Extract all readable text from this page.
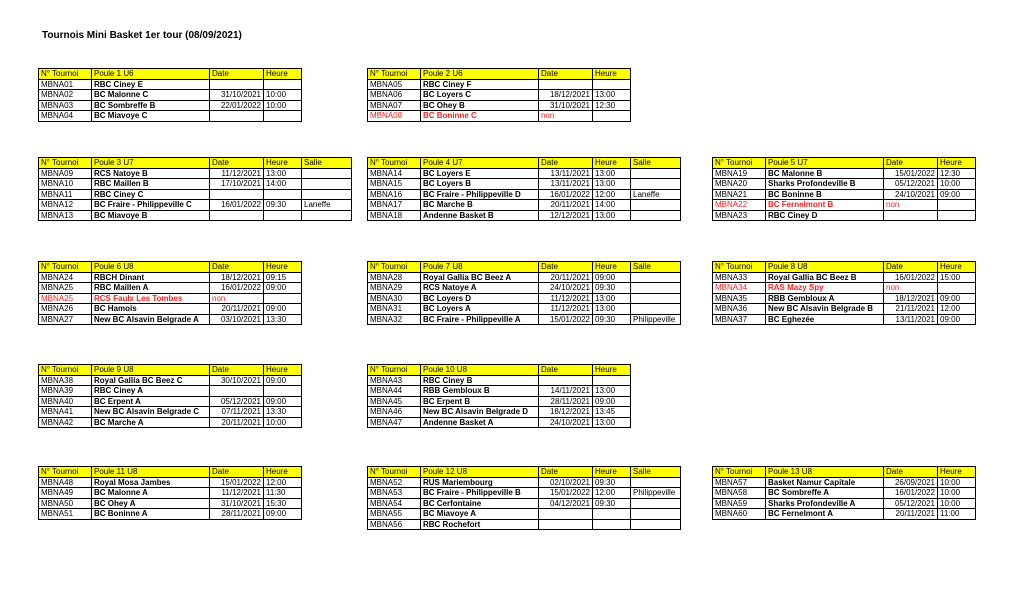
Tournois Mini Basket 1er tour (08/09/2021)
N° Tournoi	Poule 1 U6	Date	Heure
MBNA01	RBC Ciney E		
MBNA02	BC Malonne C	31/10/2021	10:00
MBNA03	BC Sombreffe B	22/01/2022	10:00
MBNA04	BC Miavoye C		
N° Tournoi	Poule 2 U6	Date	Heure
MBNA05	RBC Ciney F		
MBNA06	BC Loyers C	18/12/2021	13:00
MBNA07	BC Ohey B	31/10/2021	12:30
MBNA08	BC Boninne C	non	
N° Tournoi	Poule 3 U7	Date	Heure	Salle
MBNA09	RCS Natoye B	11/12/2021	13:00	
MBNA10	RBC Maillen B	17/10/2021	14:00	
MBNA11	RBC Ciney C			
MBNA12	BC Fraire - Philippeville C	16/01/2022	09:30	Laneffe
MBNA13	BC Miavoye B			
N° Tournoi	Poule 4 U7	Date	Heure	Salle
MBNA14	BC Loyers E	13/11/2021	13:00	
MBNA15	BC Loyers B	13/11/2021	13:00	
MBNA16	BC Fraire - Philippeville D	16/01/2022	12:00	Laneffe
MBNA17	BC Marche B	20/11/2021	14:00	
MBNA18	Andenne Basket B	12/12/2021	13:00	
N° Tournoi	Poule 5 U7	Date	Heure
MBNA19	BC Malonne B	15/01/2022	12:30
MBNA20	Sharks Profondeville B	05/12/2021	10:00
MBNA21	BC Boninne B	24/10/2021	09:00
MBNA22	BC Fernelmont B	non	
MBNA23	RBC Ciney D		
N° Tournoi	Poule 6 U8	Date	Heure
MBNA24	RBCH Dinant	18/12/2021	09:15
MBNA25	RBC Maillen A	16/01/2022	09:00
MBNA25	RCS Faulx Les Tombes	non	
MBNA26	BC Hamois	20/11/2021	09:00
MBNA27	New BC Alsavin Belgrade A	03/10/2021	13:30
N° Tournoi	Poule 7 U8	Date	Heure	Salle
MBNA28	Royal Gallia BC Beez A	20/11/2021	09:00	
MBNA29	RCS Natoye A	24/10/2021	09:30	
MBNA30	BC Loyers D	11/12/2021	13:00	
MBNA31	BC Loyers A	11/12/2021	13:00	
MBNA32	BC Fraire - Philippeville A	15/01/2022	09:30	Philippeville
N° Tournoi	Poule 8 U8	Date	Heure
MBNA33	Royal Gallia BC Beez B	16/01/2022	15:00
MBNA34	RAS Mazy Spy	non	
MBNA35	RBB Gembloux A	18/12/2021	09:00
MBNA36	New BC Alsavin Belgrade B	21/11/2021	12:00
MBNA37	BC Eghezée	13/11/2021	09:00
N° Tournoi	Poule 9 U8	Date	Heure
MBNA38	Royal Gallia BC Beez C	30/10/2021	09:00
MBNA39	RBC Ciney A		
MBNA40	BC Erpent A	05/12/2021	09:00
MBNA41	New BC Alsavin Belgrade C	07/11/2021	13:30
MBNA42	BC Marche A	20/11/2021	10:00
N° Tournoi	Poule 10 U8	Date	Heure
MBNA43	RBC Ciney B		
MBNA44	RBB Gembloux B	14/11/2021	13:00
MBNA45	BC Erpent B	28/11/2021	09:00
MBNA46	New BC Alsavin Belgrade D	18/12/2021	13:45
MBNA47	Andenne Basket A	24/10/2021	13:00
N° Tournoi	Poule 11 U8	Date	Heure
MBNA48	Royal Mosa Jambes	15/01/2022	12:00
MBNA49	BC Malonne A	11/12/2021	11:30
MBNA50	BC Ohey A	31/10/2021	15:30
MBNA51	BC Boninne A	28/11/2021	09:00
N° Tournoi	Poule 12 U8	Date	Heure	Salle
MBNA52	RUS Mariembourg	02/10/2021	09:30	
MBNA53	BC Fraire - Philippeville B	15/01/2022	12:00	Philippeville
MBNA54	BC Cerfontaine	04/12/2021	09:30	
MBNA55	BC Miavoye A			
MBNA56	RBC Rochefort			
N° Tournoi	Poule 13 U8	Date	Heure
MBNA57	Basket Namur Capitale	26/09/2021	10:00
MBNA58	BC Sombreffe A	16/01/2022	10:00
MBNA59	Sharks Profondeville A	05/12/2021	10:00
MBNA60	BC Fernelmont A	20/11/2021	11:00
